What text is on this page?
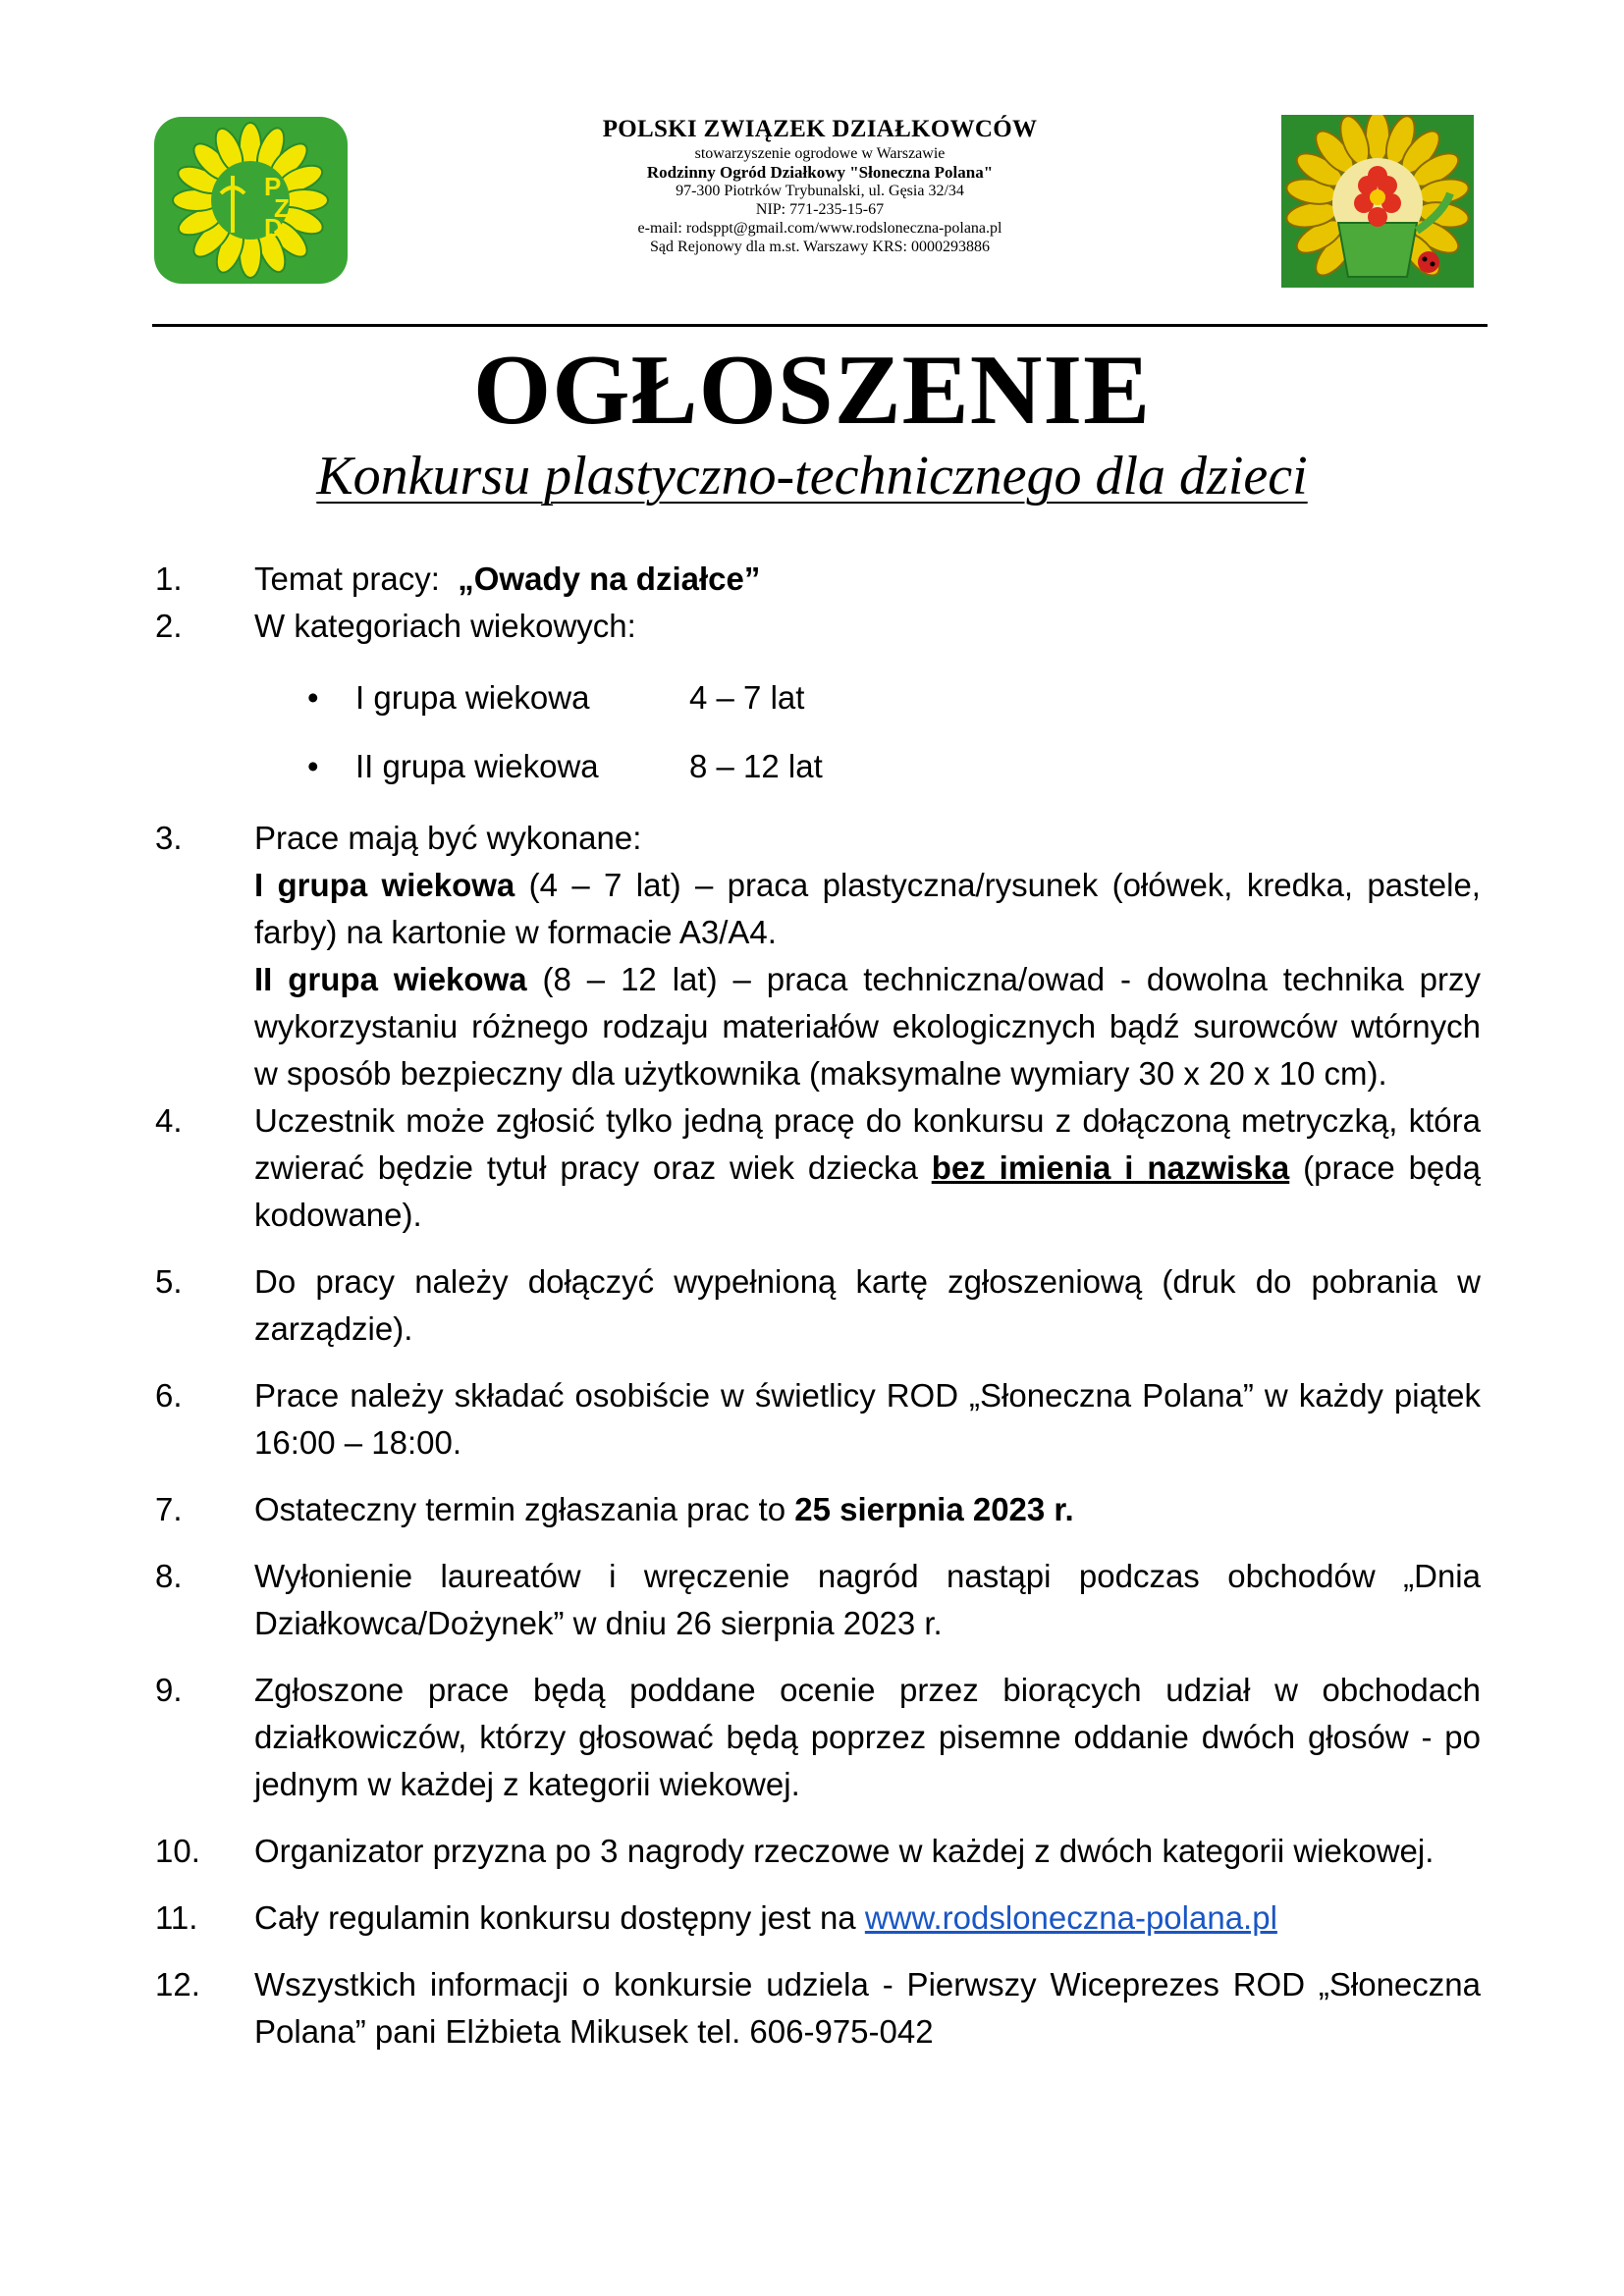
P
Z
D
POLSKI ZWIĄZEK DZIAŁKOWCÓW
stowarzyszenie ogrodowe w Warszawie
Rodzinny Ogród Działkowy "Słoneczna Polana"
97-300 Piotrków Trybunalski, ul. Gęsia 32/34
NIP: 771-235-15-67
e-mail: rodsppt@gmail.com/www.rodsloneczna-polana.pl
Sąd Rejonowy dla m.st. Warszawy KRS: 0000293886
OGŁOSZENIE
Konkursu plastyczno-technicznego dla dzieci
1. Temat pracy:  „Owady na działce”
2. W kategoriach wiekowych:
• I grupa wiekowa	4 – 7 lat
• II grupa wiekowa	8 – 12 lat
3. Prace mają być wykonane:
I grupa wiekowa (4 – 7 lat) – praca plastyczna/rysunek (ołówek, kredka, pastele, farby) na kartonie w formacie A3/A4.
II grupa wiekowa (8 – 12 lat) – praca techniczna/owad - dowolna technika przy wykorzystaniu różnego rodzaju materiałów ekologicznych bądź surowców wtórnych w sposób bezpieczny dla użytkownika (maksymalne wymiary 30 x 20 x 10 cm).
4. Uczestnik może zgłosić tylko jedną pracę do konkursu z dołączoną metryczką, która zwierać będzie tytuł pracy oraz wiek dziecka bez imienia i nazwiska (prace będą kodowane).
5. Do pracy należy dołączyć wypełnioną kartę zgłoszeniową (druk do pobrania w zarządzie).
6. Prace należy składać osobiście w świetlicy ROD „Słoneczna Polana” w każdy piątek 16:00 – 18:00.
7. Ostateczny termin zgłaszania prac to 25 sierpnia 2023 r.
8. Wyłonienie laureatów i wręczenie nagród nastąpi podczas obchodów „Dnia Działkowca/Dożynek” w dniu 26 sierpnia 2023 r.
9. Zgłoszone prace będą poddane ocenie przez biorących udział w obchodach działkowiczów, którzy głosować będą poprzez pisemne oddanie dwóch głosów - po jednym w każdej z kategorii wiekowej.
10. Organizator przyzna po 3 nagrody rzeczowe w każdej z dwóch kategorii wiekowej.
11. Cały regulamin konkursu dostępny jest na www.rodsloneczna-polana.pl
12. Wszystkich informacji o konkursie udziela - Pierwszy Wiceprezes ROD „Słoneczna Polana” pani Elżbieta Mikusek tel. 606-975-042
